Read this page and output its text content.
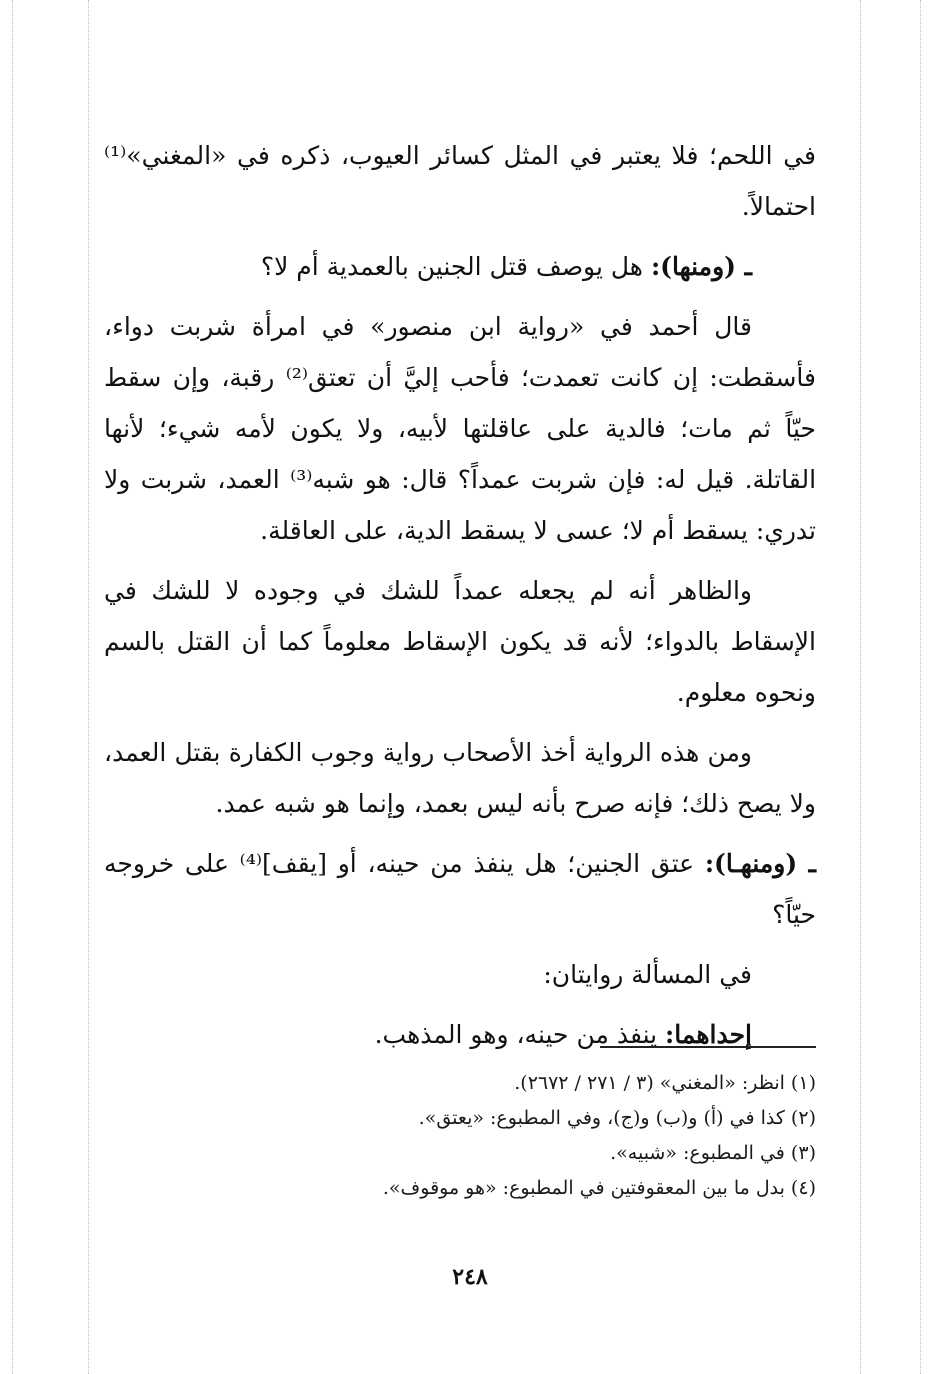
في اللحم؛ فلا يعتبر في المثل كسائر العيوب، ذكره في «المغني»⁽¹⁾ احتمالاً.

ـ (ومنها): هل يوصف قتل الجنين بالعمدية أم لا؟

قال أحمد في «رواية ابن منصور» في امرأة شربت دواء، فأسقطت: إن كانت تعمدت؛ فأحب إليَّ أن تعتق⁽²⁾ رقبة، وإن سقط حيّاً ثم مات؛ فالدية على عاقلتها لأبيه، ولا يكون لأمه شيء؛ لأنها القاتلة. قيل له: فإن شربت عمداً؟ قال: هو شبه⁽³⁾ العمد، شربت ولا تدري: يسقط أم لا؛ عسى لا يسقط الدية، على العاقلة.

والظاهر أنه لم يجعله عمداً للشك في وجوده لا للشك في الإسقاط بالدواء؛ لأنه قد يكون الإسقاط معلوماً كما أن القتل بالسم ونحوه معلوم.

ومن هذه الرواية أخذ الأصحاب رواية وجوب الكفارة بقتل العمد، ولا يصح ذلك؛ فإنه صرح بأنه ليس بعمد، وإنما هو شبه عمد.

ـ (ومنهـا): عتق الجنين؛ هل ينفذ من حينه، أو [يقف]⁽⁴⁾ على خروجه حيّاً؟

في المسألة روايتان:

إحداهما: ينفذ من حينه، وهو المذهب.

(١) انظر: «المغني» (٣ / ٢٧١ / ٢٦٧٢).
(٢) كذا في (أ) و(ب) و(ج)، وفي المطبوع: «يعتق».
(٣) في المطبوع: «شبيه».
(٤) بدل ما بين المعقوفتين في المطبوع: «هو موقوف».
٢٤٨
